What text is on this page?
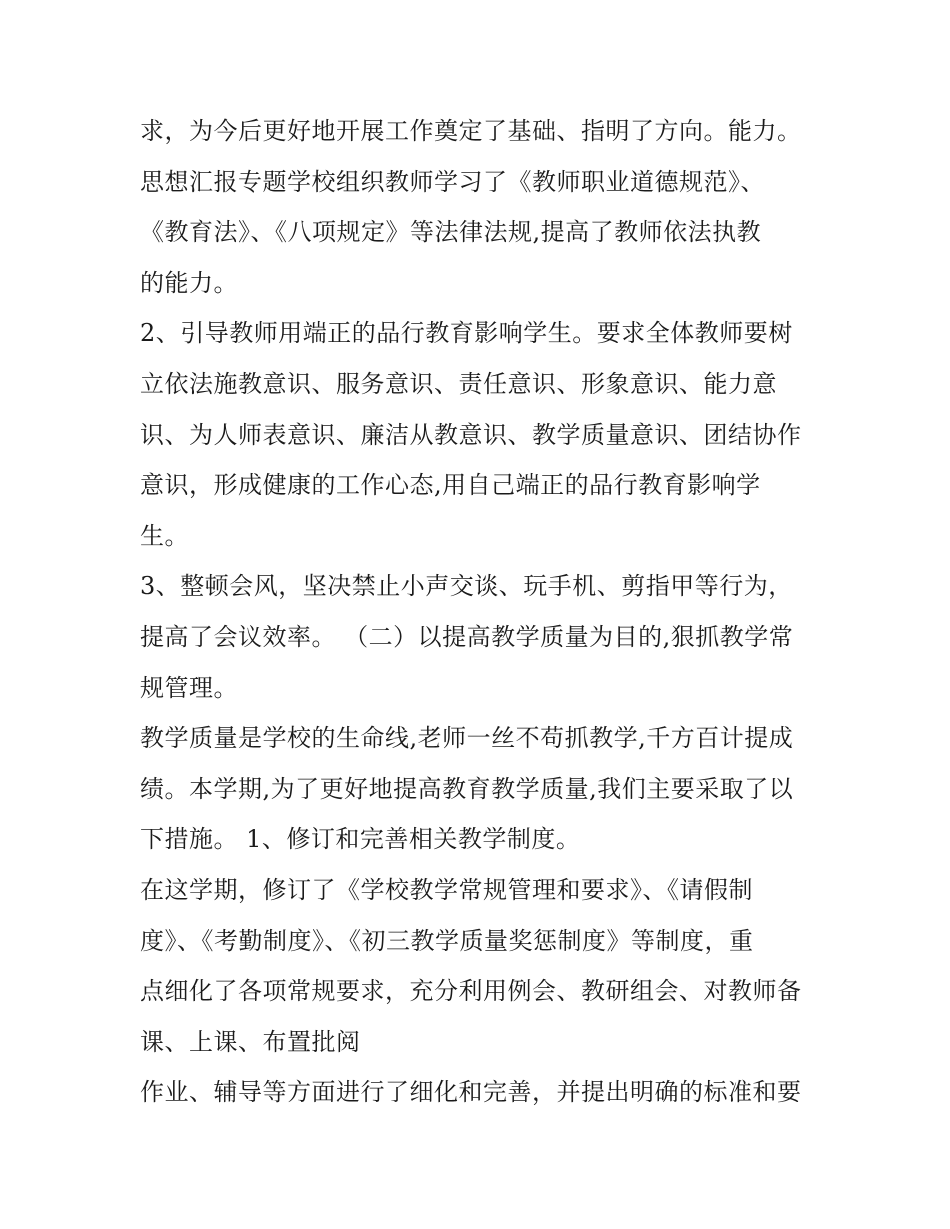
求，为今后更好地开展工作奠定了基础、指明了方向。能力。
思想汇报专题学校组织教师学习了《教师职业道德规范》、
《教育法》、《八项规定》等法律法规,提高了教师依法执教
的能力。
2、引导教师用端正的品行教育影响学生。要求全体教师要树
立依法施教意识、服务意识、责任意识、形象意识、能力意
识、为人师表意识、廉洁从教意识、教学质量意识、团结协作
意识，形成健康的工作心态,用自己端正的品行教育影响学
生。
3、整顿会风，坚决禁止小声交谈、玩手机、剪指甲等行为，
提高了会议效率。 （二）以提高教学质量为目的,狠抓教学常
规管理。
教学质量是学校的生命线,老师一丝不苟抓教学,千方百计提成
绩。本学期,为了更好地提高教育教学质量,我们主要采取了以
下措施。 1、修订和完善相关教学制度。
在这学期，修订了《学校教学常规管理和要求》、《请假制
度》、《考勤制度》、《初三教学质量奖惩制度》等制度，重
点细化了各项常规要求，充分利用例会、教研组会、对教师备
课、上课、布置批阅
作业、辅导等方面进行了细化和完善，并提出明确的标准和要
